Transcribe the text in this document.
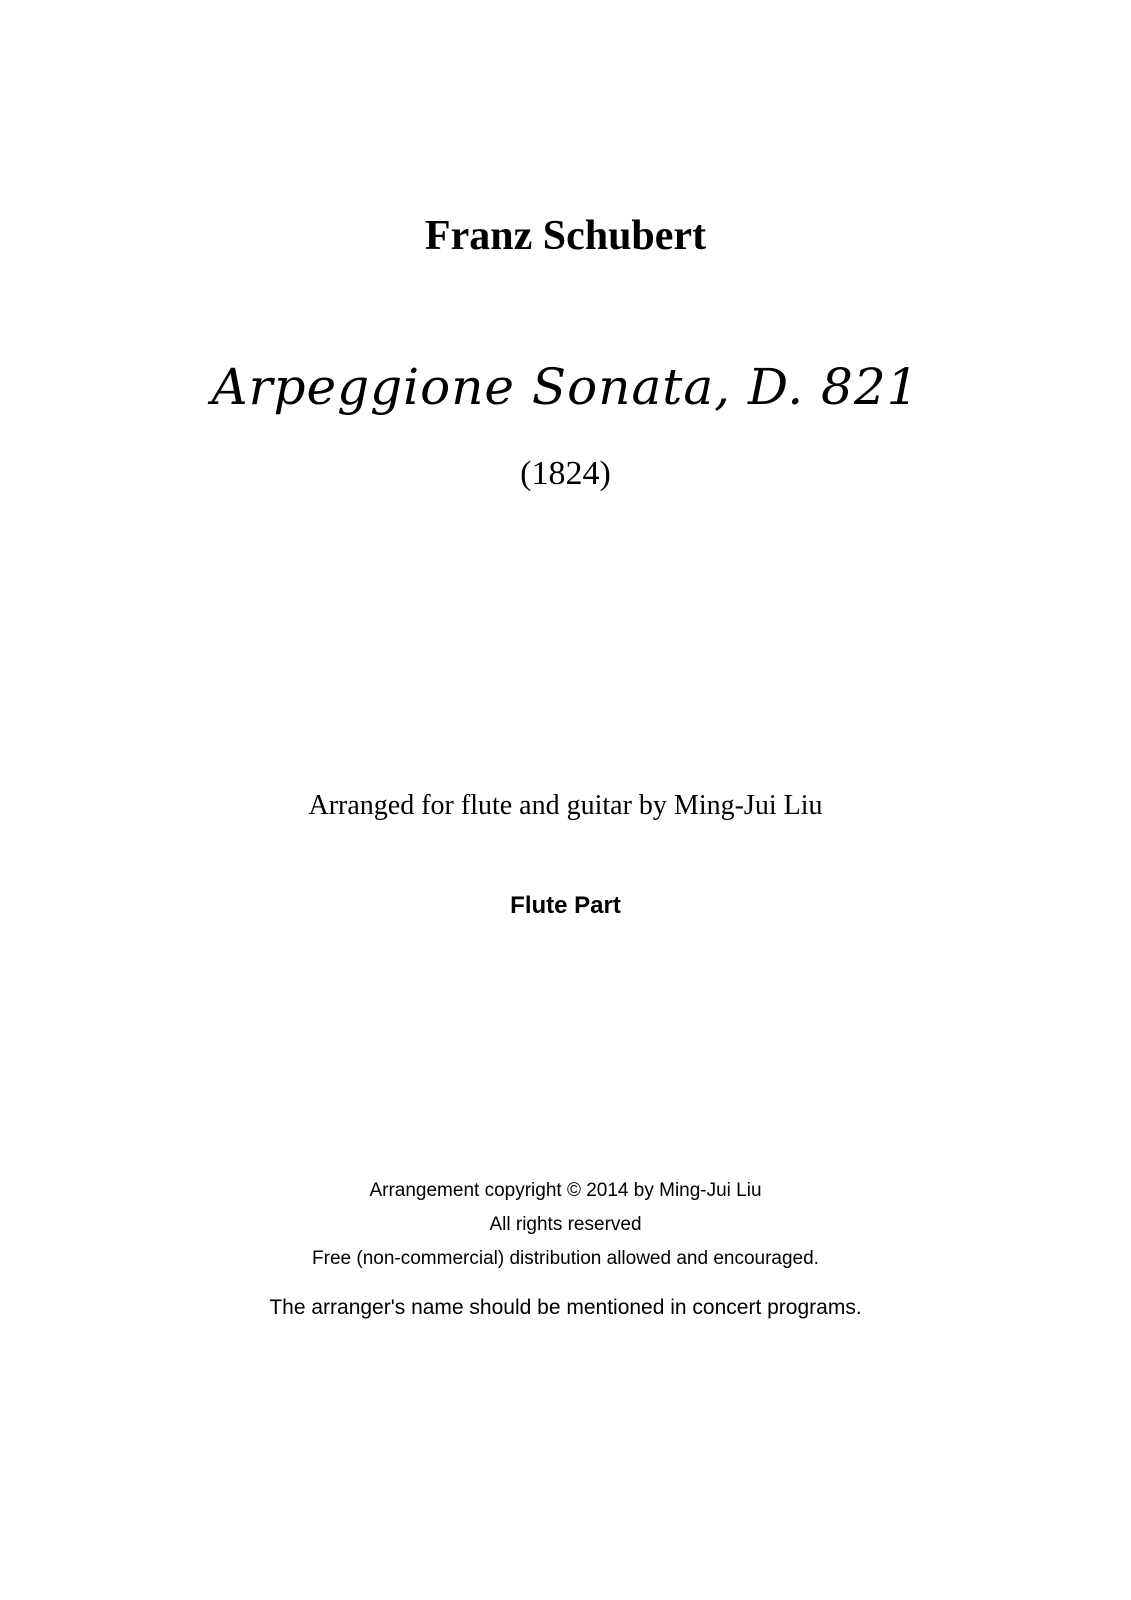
Franz Schubert
Arpeggione Sonata, D. 821
(1824)
Arranged for flute and guitar by Ming-Jui Liu
Flute Part
Arrangement copyright © 2014 by Ming-Jui Liu
All rights reserved
Free (non-commercial) distribution allowed and encouraged.
The arranger's name should be mentioned in concert programs.
